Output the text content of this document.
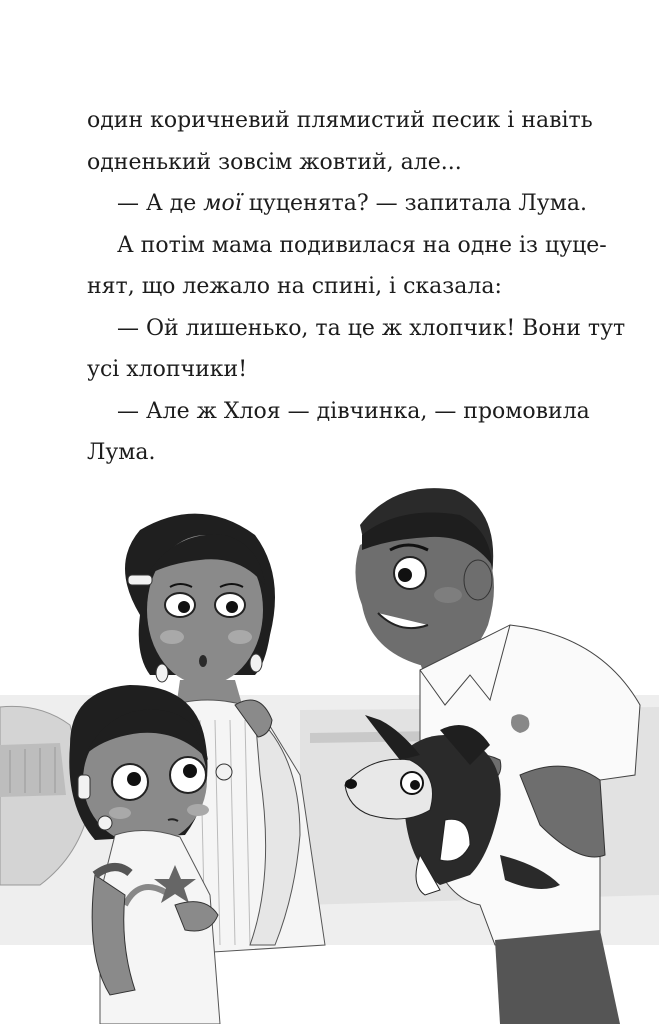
один коричневий плямистий песик і навіть
одненький зовсім жовтий, але...
— А де мої цуценята? — запитала Лума.
А потім мама подивилася на одне із цуце-
нят, що лежало на спині, і сказала:
— Ой лишенько, та це ж хлопчик! Вони тут
усі хлопчики!
— Але ж Хлоя — дівчинка, — промовила
Лума.
